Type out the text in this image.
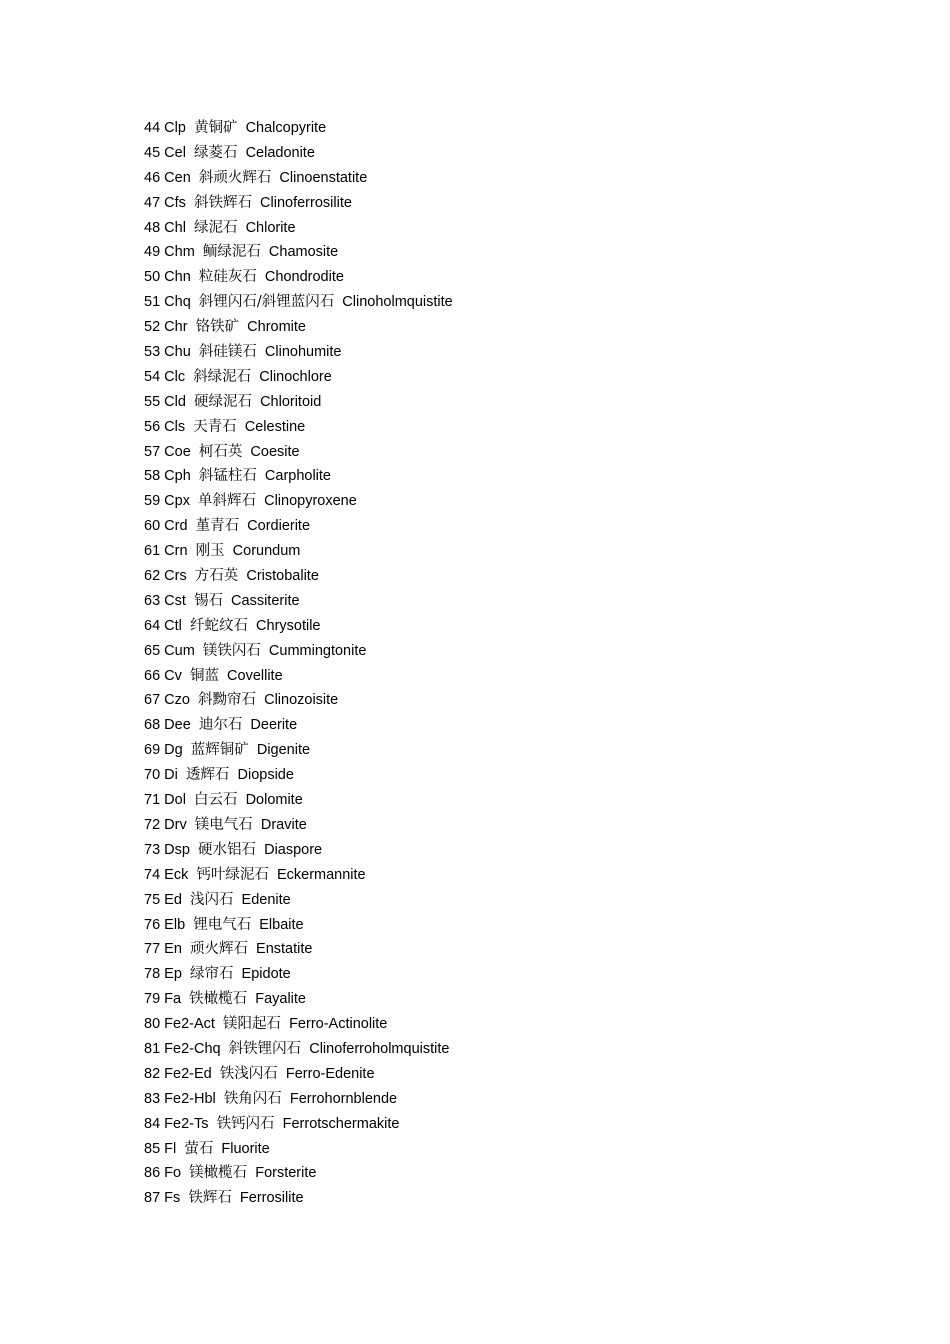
44 Clp 黄铜矿 Chalcopyrite
45 Cel 绿菱石 Celadonite
46 Cen 斜顽火辉石 Clinoenstatite
47 Cfs 斜铁辉石 Clinoferrosilite
48 Chl 绿泥石 Chlorite
49 Chm 鲕绿泥石 Chamosite
50 Chn 粒硅灰石 Chondrodite
51 Chq 斜锂闪石/斜锂蓝闪石 Clinoholmquistite
52 Chr 铬铁矿 Chromite
53 Chu 斜硅镁石 Clinohumite
54 Clc 斜绿泥石 Clinochlore
55 Cld 硬绿泥石 Chloritoid
56 Cls 天青石 Celestine
57 Coe 柯石英 Coesite
58 Cph 斜锰柱石 Carpholite
59 Cpx 单斜辉石 Clinopyroxene
60 Crd 堇青石 Cordierite
61 Crn 刚玉 Corundum
62 Crs 方石英 Cristobalite
63 Cst 锡石 Cassiterite
64 Ctl 纤蛇纹石 Chrysotile
65 Cum 镁铁闪石 Cummingtonite
66 Cv 铜蓝 Covellite
67 Czo 斜黝帘石 Clinozoisite
68 Dee 迪尔石 Deerite
69 Dg 蓝辉铜矿 Digenite
70 Di 透辉石 Diopside
71 Dol 白云石 Dolomite
72 Drv 镁电气石 Dravite
73 Dsp 硬水铝石 Diaspore
74 Eck 钙叶绿泥石 Eckermannite
75 Ed 浅闪石 Edenite
76 Elb 锂电气石 Elbaite
77 En 顽火辉石 Enstatite
78 Ep 绿帘石 Epidote
79 Fa 铁橄榄石 Fayalite
80 Fe2-Act 镁阳起石 Ferro-Actinolite
81 Fe2-Chq 斜铁锂闪石 Clinoferroholmquistite
82 Fe2-Ed 铁浅闪石 Ferro-Edenite
83 Fe2-Hbl 铁角闪石 Ferrohornblende
84 Fe2-Ts 铁钙闪石 Ferrotschermakite
85 Fl 萤石 Fluorite
86 Fo 镁橄榄石 Forsterite
87 Fs 铁辉石 Ferrosilite
